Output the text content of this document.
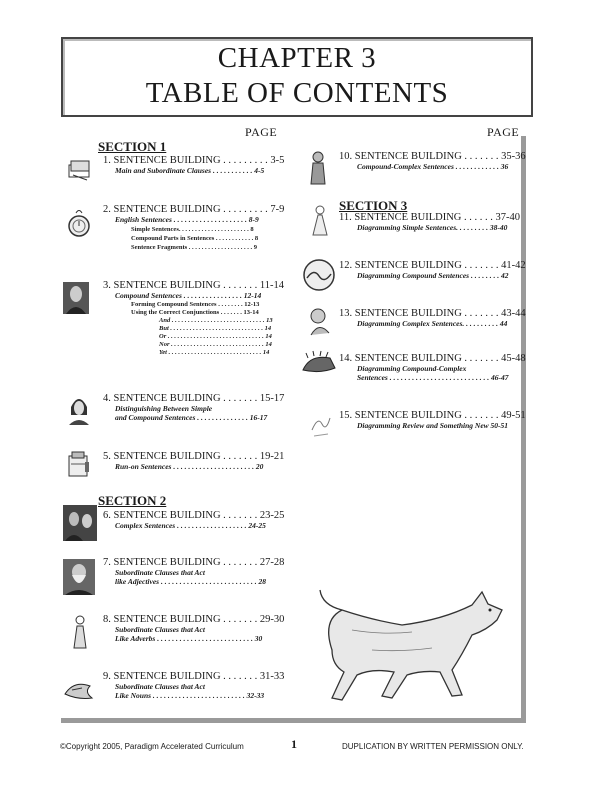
CHAPTER 3
TABLE OF CONTENTS
PAGE	PAGE
SECTION 1
1. SENTENCE BUILDING . . . . . . . . . 3-5
Main and Subordinate Clauses . . . . . . . . . . . 4-5
2. SENTENCE BUILDING . . . . . . . . . 7-9
English Sentences . . . . . . . . . . . . . . . . . . . . 8-9
Simple Sentences. . . . . . . . . . . . . . . . . . . . . . 8
Compound Parts in Sentences . . . . . . . . . . . . 8
Sentence Fragments . . . . . . . . . . . . . . . . . . . . 9
3. SENTENCE BUILDING . . . . . . . 11-14
Compound Sentences . . . . . . . . . . . . . . . . 12-14
Forming Compound Sentences . . . . . . . . 12-13
Using the Correct Conjunctions . . . . . . . 13-14
And . . . . . . . . . . . . . . . . . . . . . . . . . . . . . 13
But . . . . . . . . . . . . . . . . . . . . . . . . . . . . . 14
Or . . . . . . . . . . . . . . . . . . . . . . . . . . . . . . 14
Nor . . . . . . . . . . . . . . . . . . . . . . . . . . . . . 14
Yet . . . . . . . . . . . . . . . . . . . . . . . . . . . . . 14
4. SENTENCE BUILDING . . . . . . . 15-17
Distinguishing Between Simple
and Compound Sentences . . . . . . . . . . . . . . 16-17
5. SENTENCE BUILDING . . . . . . . 19-21
Run-on Sentences . . . . . . . . . . . . . . . . . . . . . . 20
SECTION 2
6. SENTENCE BUILDING . . . . . . . 23-25
Complex Sentences . . . . . . . . . . . . . . . . . . . 24-25
7. SENTENCE BUILDING . . . . . . . 27-28
Subordinate Clauses that Act
like Adjectives . . . . . . . . . . . . . . . . . . . . . . . . . . 28
8. SENTENCE BUILDING . . . . . . . 29-30
Subordinate Clauses that Act
Like Adverbs . . . . . . . . . . . . . . . . . . . . . . . . . . 30
9. SENTENCE BUILDING . . . . . . . 31-33
Subordinate Clauses that Act
Like Nouns . . . . . . . . . . . . . . . . . . . . . . . . . 32-33
10. SENTENCE BUILDING . . . . . . . 35-36
Compound-Complex Sentences . . . . . . . . . . . . 36
SECTION 3
11. SENTENCE BUILDING . . . . . . 37-40
Diagramming Simple Sentences. . . . . . . . . 38-40
12. SENTENCE BUILDING . . . . . . . 41-42
Diagramming Compound Sentences . . . . . . . . 42
13. SENTENCE BUILDING . . . . . . . 43-44
Diagramming Complex Sentences. . . . . . . . . . 44
14. SENTENCE BUILDING . . . . . . . 45-48
Diagramming Compound-Complex
Sentences . . . . . . . . . . . . . . . . . . . . . . . . . . . 46-47
15. SENTENCE BUILDING . . . . . . . 49-51
Diagramming Review and Something New 50-51
©Copyright 2005, Paradigm Accelerated Curriculum	1	DUPLICATION BY WRITTEN PERMISSION ONLY.
